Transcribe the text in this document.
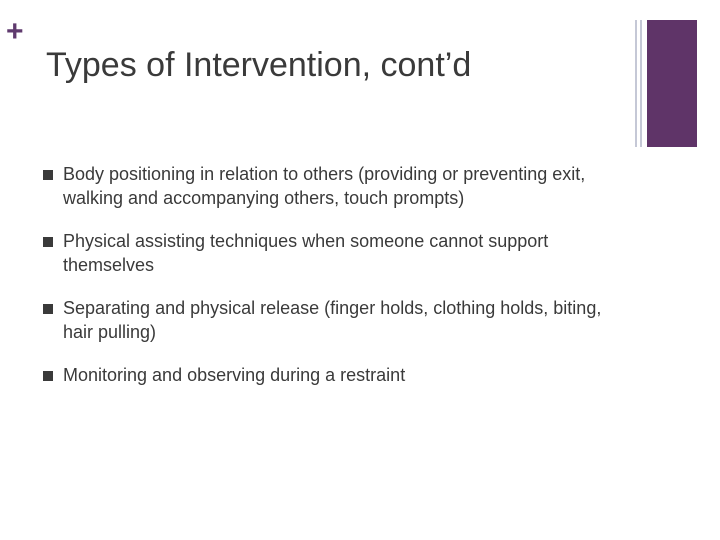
+
Types of Intervention, cont’d
Body positioning in relation to others (providing or preventing exit, walking and accompanying others, touch prompts)
Physical assisting techniques when someone cannot support themselves
Separating and physical release (finger holds, clothing holds, biting, hair pulling)
Monitoring and observing during a restraint
